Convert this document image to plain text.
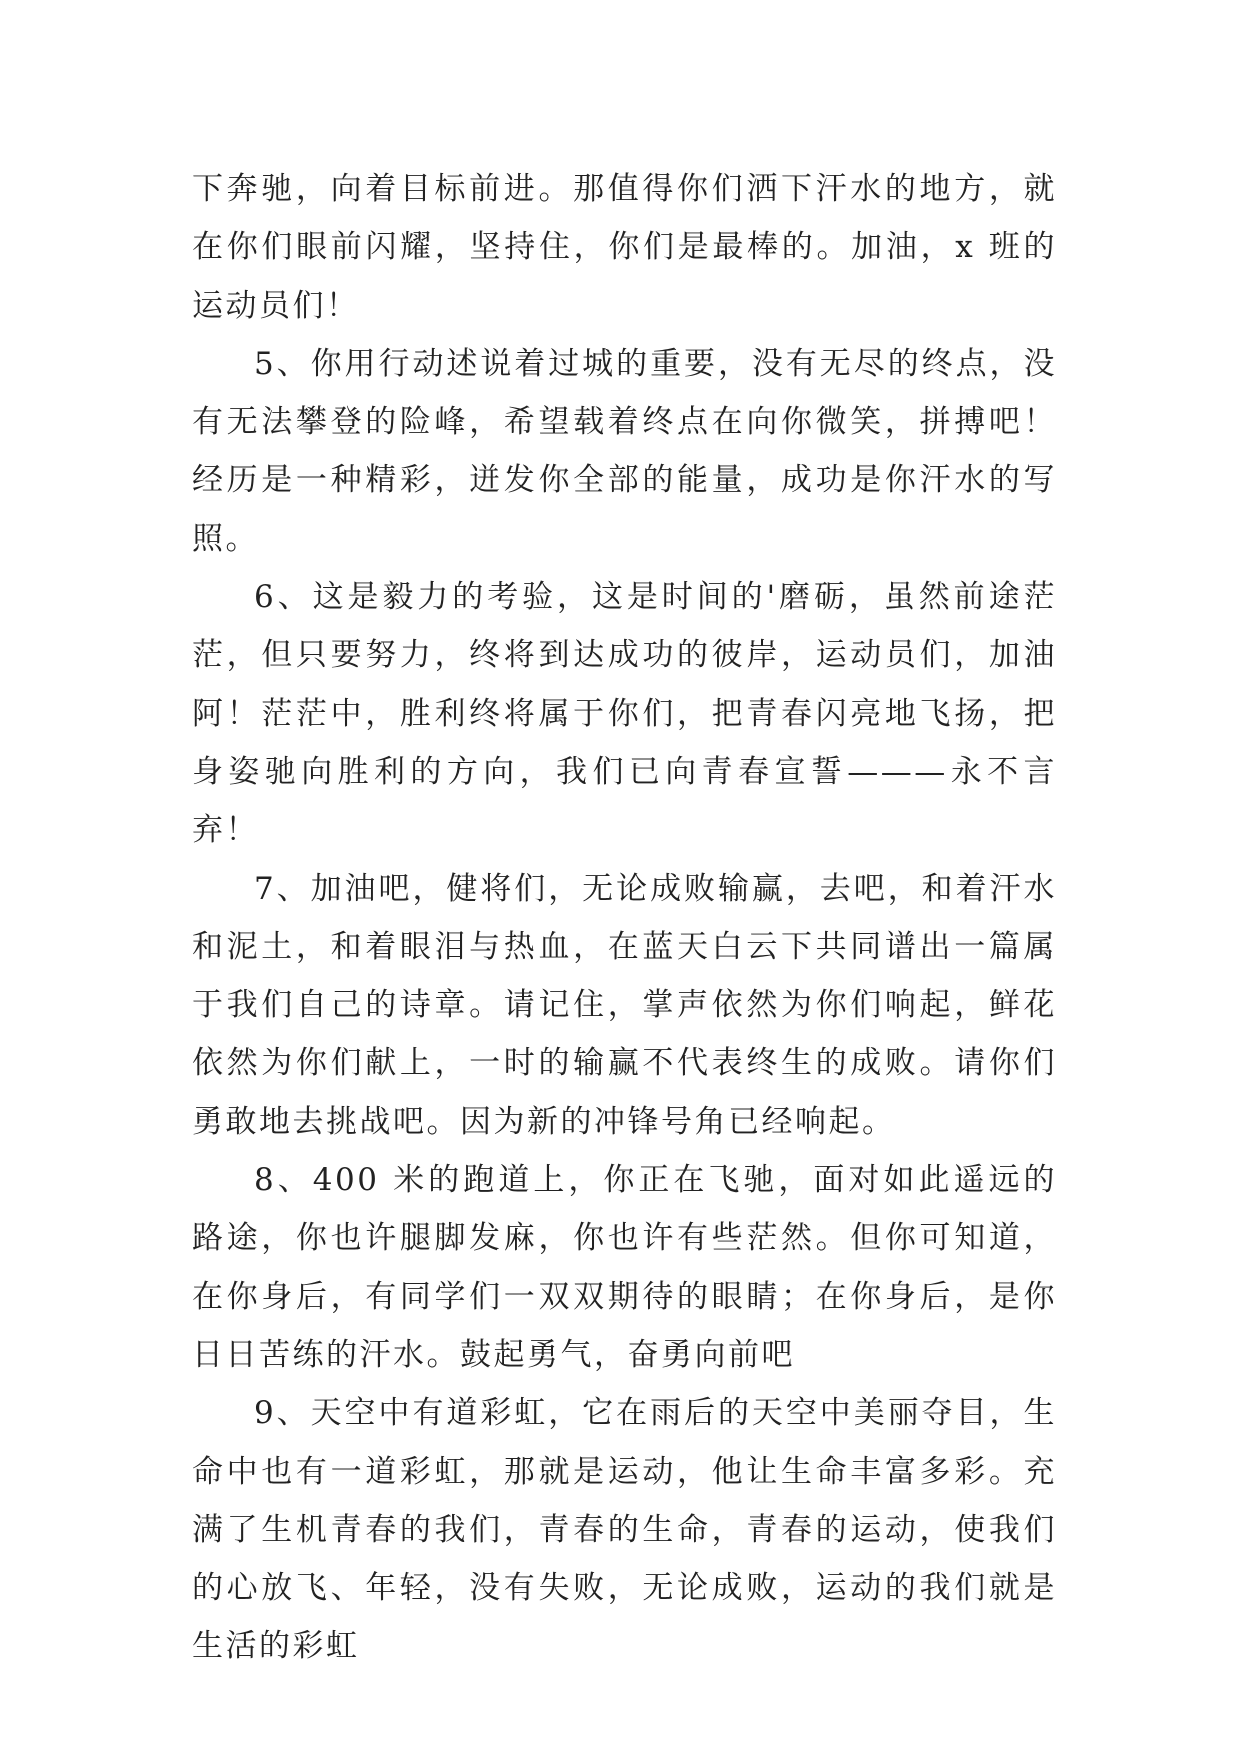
下奔驰，向着目标前进。那值得你们洒下汗水的地方，就在你们眼前闪耀，坚持住，你们是最棒的。加油，x 班的运动员们！

5、你用行动述说着过城的重要，没有无尽的终点，没有无法攀登的险峰，希望载着终点在向你微笑，拼搏吧！经历是一种精彩，迸发你全部的能量，成功是你汗水的写照。

6、这是毅力的考验，这是时间的'磨砺，虽然前途茫茫，但只要努力，终将到达成功的彼岸，运动员们，加油阿！茫茫中，胜利终将属于你们，把青春闪亮地飞扬，把身姿驰向胜利的方向，我们已向青春宣誓———永不言弃！

7、加油吧，健将们，无论成败输赢，去吧，和着汗水和泥土，和着眼泪与热血，在蓝天白云下共同谱出一篇属于我们自己的诗章。请记住，掌声依然为你们响起，鲜花依然为你们献上，一时的输赢不代表终生的成败。请你们勇敢地去挑战吧。因为新的冲锋号角已经响起。

8、400 米的跑道上，你正在飞驰，面对如此遥远的路途，你也许腿脚发麻，你也许有些茫然。但你可知道，在你身后，有同学们一双双期待的眼睛；在你身后，是你日日苦练的汗水。鼓起勇气，奋勇向前吧

9、天空中有道彩虹，它在雨后的天空中美丽夺目，生命中也有一道彩虹，那就是运动，他让生命丰富多彩。充满了生机青春的我们，青春的生命，青春的运动，使我们的心放飞、年轻，没有失败，无论成败，运动的我们就是生活的彩虹
